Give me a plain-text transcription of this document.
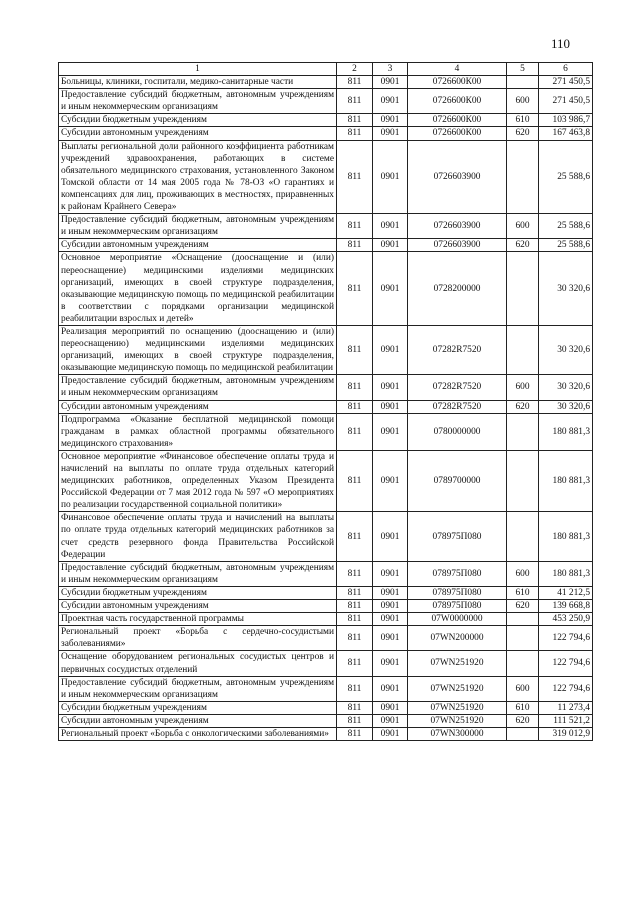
110
1	2	3	4	5	6
Больницы, клиники, госпитали, медико-санитарные части	811	0901	0726600К00		271 450,5
Предоставление субсидий бюджетным, автономным учреждениям и иным некоммерческим организациям	811	0901	0726600К00	600	271 450,5
Субсидии бюджетным учреждениям	811	0901	0726600К00	610	103 986,7
Субсидии автономным учреждениям	811	0901	0726600К00	620	167 463,8
Выплаты региональной доли районного коэффициента работникам учреждений здравоохранения, работающих в системе обязательного медицинского страхования, установленного Законом Томской области от 14 мая 2005 года № 78-ОЗ «О гарантиях и компенсациях для лиц, проживающих в местностях, приравненных к районам Крайнего Севера»	811	0901	0726603900		25 588,6
Предоставление субсидий бюджетным, автономным учреждениям и иным некоммерческим организациям	811	0901	0726603900	600	25 588,6
Субсидии автономным учреждениям	811	0901	0726603900	620	25 588,6
Основное мероприятие «Оснащение (дооснащение и (или) переоснащение) медицинскими изделиями медицинских организаций, имеющих в своей структуре подразделения, оказывающие медицинскую помощь по медицинской реабилитации в соответствии с порядками организации медицинской реабилитации взрослых и детей»	811	0901	0728200000		30 320,6
Реализация мероприятий по оснащению (дооснащению и (или) переоснащению) медицинскими изделиями медицинских организаций, имеющих в своей структуре подразделения, оказывающие медицинскую помощь по медицинской реабилитации	811	0901	07282R7520		30 320,6
Предоставление субсидий бюджетным, автономным учреждениям и иным некоммерческим организациям	811	0901	07282R7520	600	30 320,6
Субсидии автономным учреждениям	811	0901	07282R7520	620	30 320,6
Подпрограмма «Оказание бесплатной медицинской помощи гражданам в рамках областной программы обязательного медицинского страхования»	811	0901	0780000000		180 881,3
Основное мероприятие «Финансовое обеспечение оплаты труда и начислений на выплаты по оплате труда отдельных категорий медицинских работников, определенных Указом Президента Российской Федерации от 7 мая 2012 года № 597 «О мероприятиях по реализации государственной социальной политики»	811	0901	0789700000		180 881,3
Финансовое обеспечение оплаты труда и начислений на выплаты по оплате труда отдельных категорий медицинских работников за счет средств резервного фонда Правительства Российской Федерации	811	0901	078975П080		180 881,3
Предоставление субсидий бюджетным, автономным учреждениям и иным некоммерческим организациям	811	0901	078975П080	600	180 881,3
Субсидии бюджетным учреждениям	811	0901	078975П080	610	41 212,5
Субсидии автономным учреждениям	811	0901	078975П080	620	139 668,8
Проектная часть государственной программы	811	0901	07W0000000		453 250,9
Региональный проект «Борьба с сердечно-сосудистыми заболеваниями»	811	0901	07WN200000		122 794,6
Оснащение оборудованием региональных сосудистых центров и первичных сосудистых отделений	811	0901	07WN251920		122 794,6
Предоставление субсидий бюджетным, автономным учреждениям и иным некоммерческим организациям	811	0901	07WN251920	600	122 794,6
Субсидии бюджетным учреждениям	811	0901	07WN251920	610	11 273,4
Субсидии автономным учреждениям	811	0901	07WN251920	620	111 521,2
Региональный проект «Борьба с онкологическими заболеваниями»	811	0901	07WN300000		319 012,9
